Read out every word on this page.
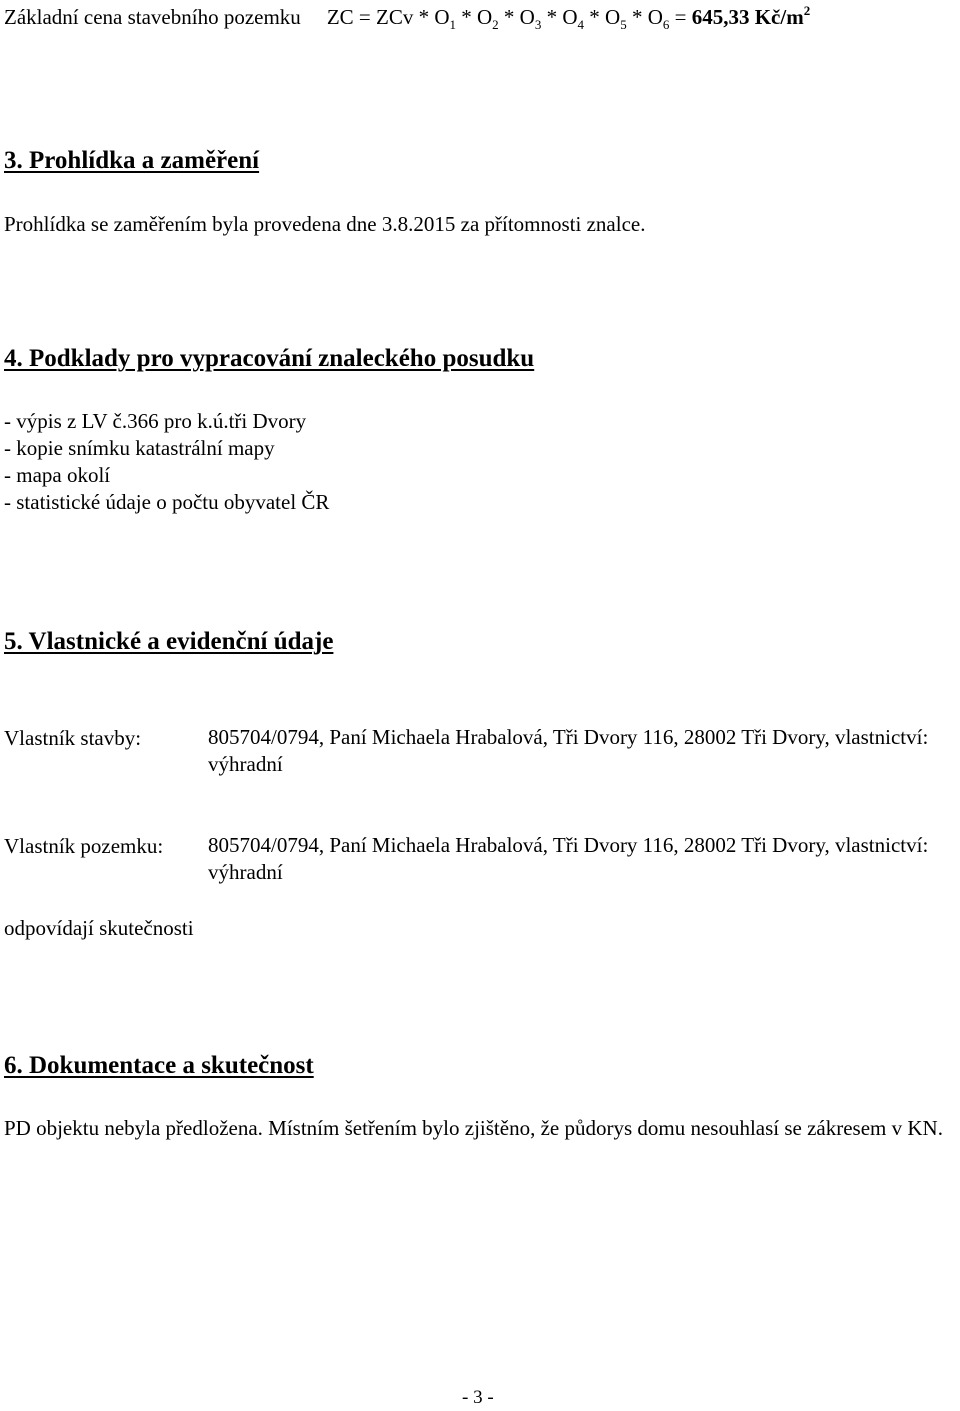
Základní cena stavebního pozemku ZC = ZCv * $O_1 * O_2 * O_3 * O_4 * O_5 * O_6 = 645,33$ $Kč/m^2$
3. Prohlídka a zaměření
Prohlídka se zaměřením byla provedena dne 3.8.2015 za přítomnosti znalce.
4. Podklady pro vypracování znaleckého posudku
- výpis z LV č.366 pro k.ú.tři Dvory
- kopie snímku katastrální mapy
- mapa okolí
- statistické údaje o počtu obyvatel ČR
5. Vlastnické a evidenční údaje
Vlastník stavby:	805704/0794, Paní Michaela Hrabalová, Tři Dvory 116, 28002 Tři Dvory, vlastnictví: výhradní
Vlastník pozemku: 805704/0794, Paní Michaela Hrabalová, Tři Dvory 116, 28002 Tři Dvory, vlastnictví: výhradní
odpovídají skutečnosti
6. Dokumentace a skutečnost
PD objektu nebyla předložena. Místním šetřením bylo zjištěno, že půdorys domu nesouhlasí se zákresem v KN.
- 3 -
